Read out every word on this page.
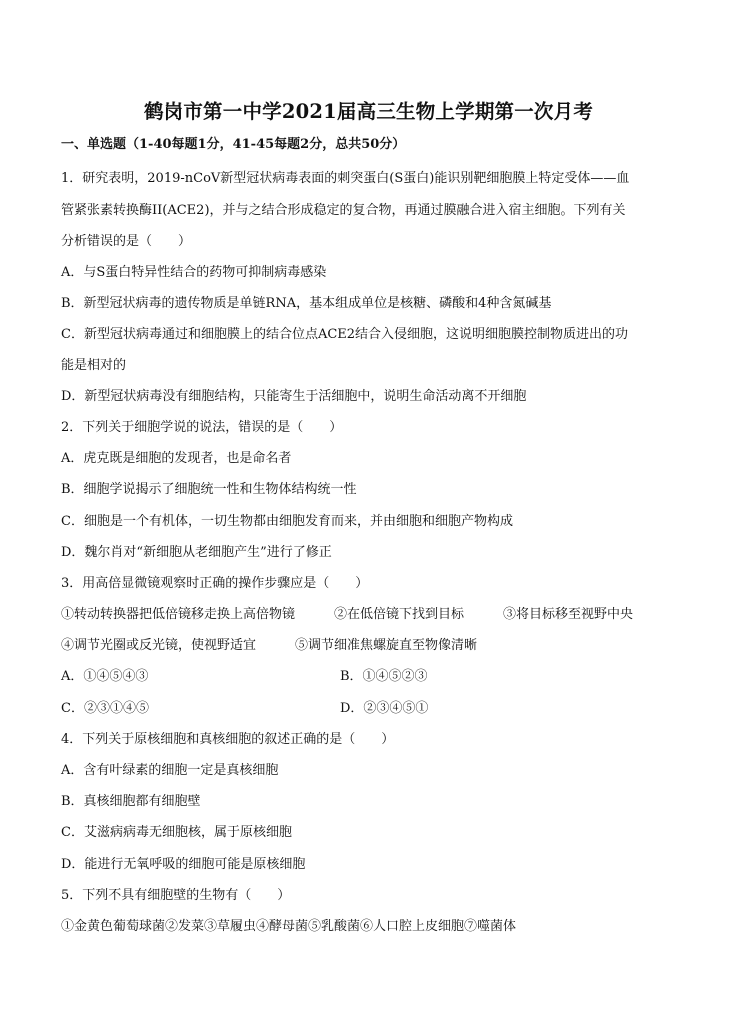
鹤岗市第一中学2021届高三生物上学期第一次月考
一、单选题（1-40每题1分，41-45每题2分，总共50分）
1．研究表明，2019-nCoV新型冠状病毒表面的刺突蛋白(S蛋白)能识别靶细胞膜上特定受体——血
管紧张素转换酶II(ACE2)，并与之结合形成稳定的复合物，再通过膜融合进入宿主细胞。下列有关
分析错误的是（　　）
A．与S蛋白特异性结合的药物可抑制病毒感染
B．新型冠状病毒的遗传物质是单链RNA，基本组成单位是核糖、磷酸和4种含氮碱基
C．新型冠状病毒通过和细胞膜上的结合位点ACE2结合入侵细胞，这说明细胞膜控制物质进出的功
能是相对的
D．新型冠状病毒没有细胞结构，只能寄生于活细胞中，说明生命活动离不开细胞
2．下列关于细胞学说的说法，错误的是（　　）
A．虎克既是细胞的发现者，也是命名者
B．细胞学说揭示了细胞统一性和生物体结构统一性
C．细胞是一个有机体，一切生物都由细胞发育而来，并由细胞和细胞产物构成
D．魏尔肖对“新细胞从老细胞产生”进行了修正
3．用高倍显微镜观察时正确的操作步骤应是（　　）
①转动转换器把低倍镜移走换上高倍物镜　　　②在低倍镜下找到目标　　　③将目标移至视野中央
④调节光圈或反光镜，使视野适宜　　　⑤调节细准焦螺旋直至物像清晰
A．①④⑤④③	B．①④⑤②③
C．②③①④⑤	D．②③④⑤①
4．下列关于原核细胞和真核细胞的叙述正确的是（　　）
A．含有叶绿素的细胞一定是真核细胞
B．真核细胞都有细胞壁
C．艾滋病病毒无细胞核，属于原核细胞
D．能进行无氧呼吸的细胞可能是原核细胞
5．下列不具有细胞壁的生物有（　　）
①金黄色葡萄球菌②发菜③草履虫④酵母菌⑤乳酸菌⑥人口腔上皮细胞⑦噬菌体
